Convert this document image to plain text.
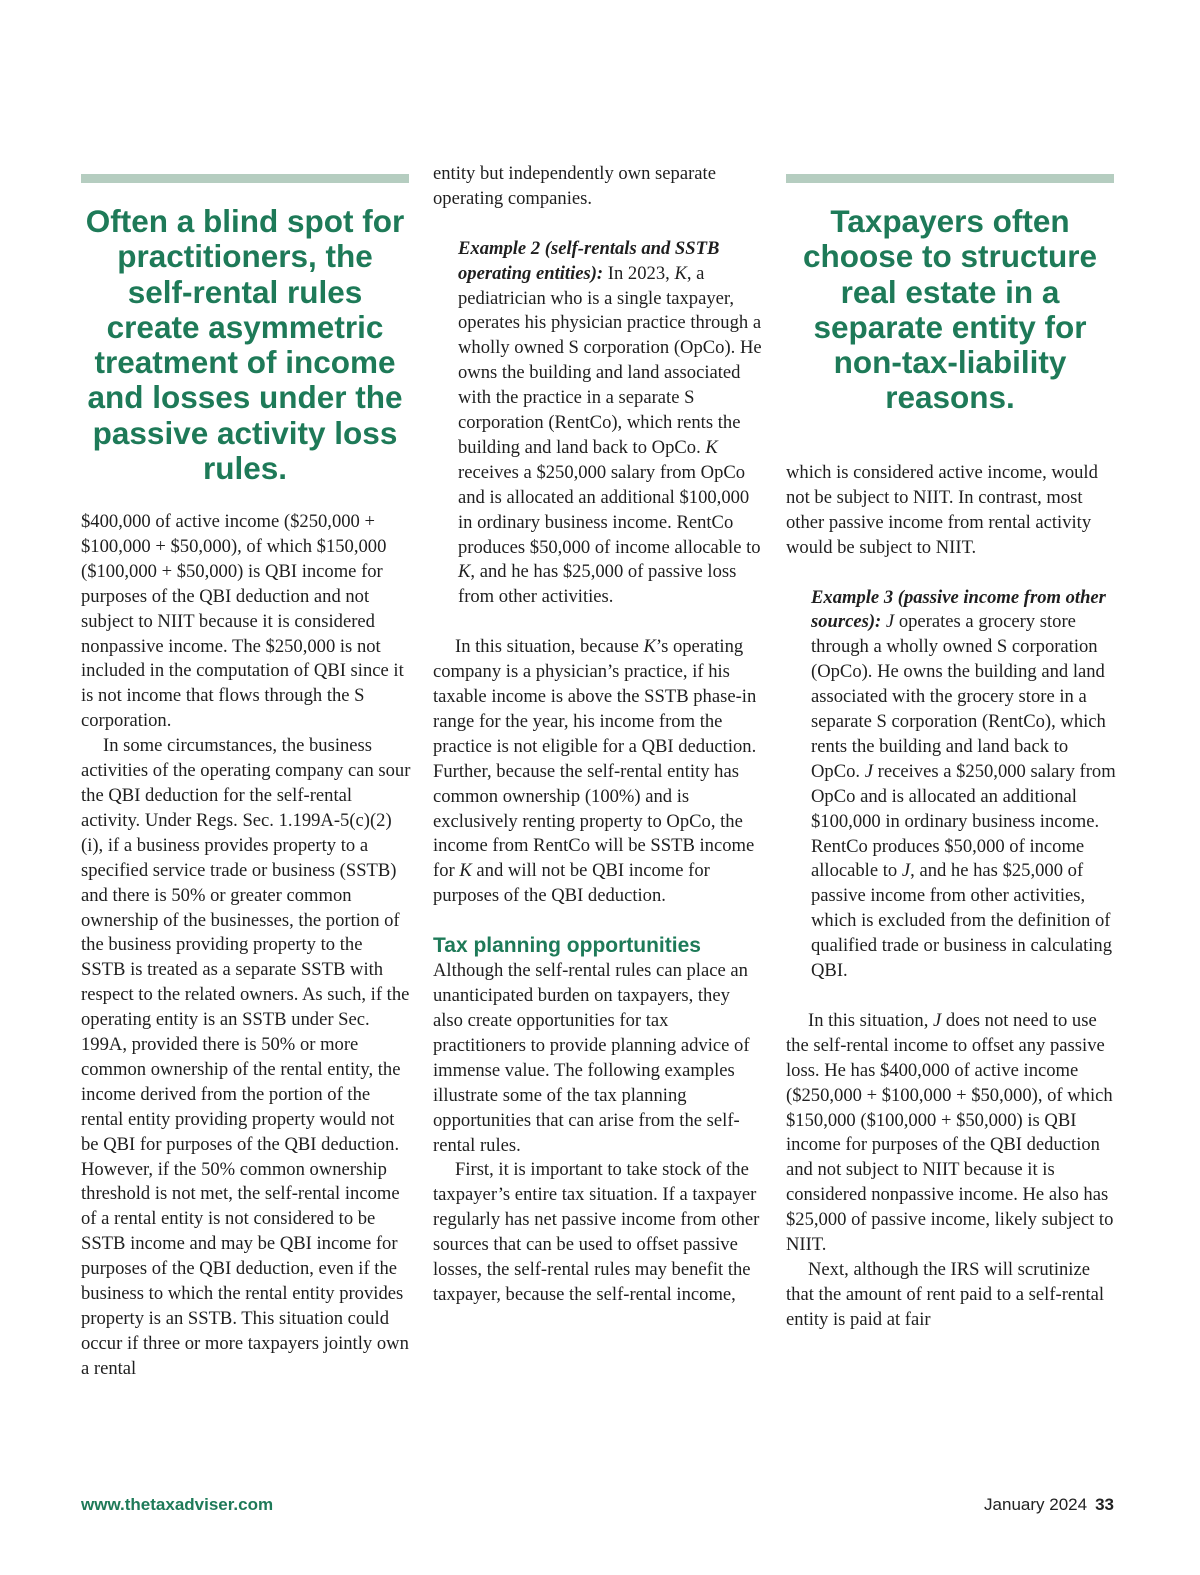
Often a blind spot for practitioners, the self-rental rules create asymmetric treatment of income and losses under the passive activity loss rules.

$400,000 of active income ($250,000 + $100,000 + $50,000), of which $150,000 ($100,000 + $50,000) is QBI income for purposes of the QBI deduction and not subject to NIIT because it is considered nonpassive income. The $250,000 is not included in the computation of QBI since it is not income that flows through the S corporation.

In some circumstances, the business activities of the operating company can sour the QBI deduction for the self-rental activity. Under Regs. Sec. 1.199A-5(c)(2)(i), if a business provides property to a specified service trade or business (SSTB) and there is 50% or greater common ownership of the businesses, the portion of the business providing property to the SSTB is treated as a separate SSTB with respect to the related owners. As such, if the operating entity is an SSTB under Sec. 199A, provided there is 50% or more common ownership of the rental entity, the income derived from the portion of the rental entity providing property would not be QBI for purposes of the QBI deduction. However, if the 50% common ownership threshold is not met, the self-rental income of a rental entity is not considered to be SSTB income and may be QBI income for purposes of the QBI deduction, even if the business to which the rental entity provides property is an SSTB. This situation could occur if three or more taxpayers jointly own a rental

entity but independently own separate operating companies.

Example 2 (self-rentals and SSTB operating entities): In 2023, K, a pediatrician who is a single taxpayer, operates his physician practice through a wholly owned S corporation (OpCo). He owns the building and land associated with the practice in a separate S corporation (RentCo), which rents the building and land back to OpCo. K receives a $250,000 salary from OpCo and is allocated an additional $100,000 in ordinary business income. RentCo produces $50,000 of income allocable to K, and he has $25,000 of passive loss from other activities.

In this situation, because K’s operating company is a physician’s practice, if his taxable income is above the SSTB phase-in range for the year, his income from the practice is not eligible for a QBI deduction. Further, because the self-rental entity has common ownership (100%) and is exclusively renting property to OpCo, the income from RentCo will be SSTB income for K and will not be QBI income for purposes of the QBI deduction.

Tax planning opportunities

Although the self-rental rules can place an unanticipated burden on taxpayers, they also create opportunities for tax practitioners to provide planning advice of immense value. The following examples illustrate some of the tax planning opportunities that can arise from the self-rental rules.

First, it is important to take stock of the taxpayer’s entire tax situation. If a taxpayer regularly has net passive income from other sources that can be used to offset passive losses, the self-rental rules may benefit the taxpayer, because the self-rental income,

Taxpayers often choose to structure real estate in a separate entity for non-tax-liability reasons.

which is considered active income, would not be subject to NIIT. In contrast, most other passive income from rental activity would be subject to NIIT.

Example 3 (passive income from other sources): J operates a grocery store through a wholly owned S corporation (OpCo). He owns the building and land associated with the grocery store in a separate S corporation (RentCo), which rents the building and land back to OpCo. J receives a $250,000 salary from OpCo and is allocated an additional $100,000 in ordinary business income. RentCo produces $50,000 of income allocable to J, and he has $25,000 of passive income from other activities, which is excluded from the definition of qualified trade or business in calculating QBI.

In this situation, J does not need to use the self-rental income to offset any passive loss. He has $400,000 of active income ($250,000 + $100,000 + $50,000), of which $150,000 ($100,000 + $50,000) is QBI income for purposes of the QBI deduction and not subject to NIIT because it is considered nonpassive income. He also has $25,000 of passive income, likely subject to NIIT.

Next, although the IRS will scrutinize that the amount of rent paid to a self-rental entity is paid at fair

www.thetaxadviser.com	January 2024 33
